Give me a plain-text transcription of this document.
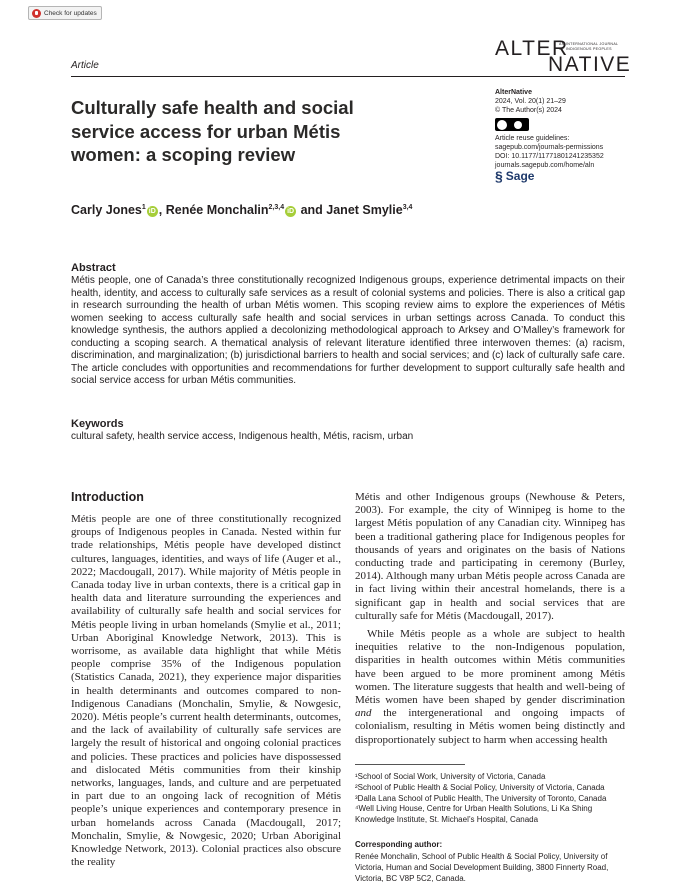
Check for updates
Article
ALTER
AN INTERNATIONAL JOURNAL OF INDIGENOUS PEOPLES
NATIVE
Culturally safe health and social service access for urban Métis women: a scoping review
AlterNative
2024, Vol. 20(1) 21–29
© The Author(s) 2024
Article reuse guidelines:
sagepub.com/journals-permissions
DOI: 10.1177/11771801241235352
journals.sagepub.com/home/aln
§ Sage
Carly Jones$^1$iD , Renée Monchalin$^{2,3,4}$iD and Janet Smylie$^{3,4}$
Abstract
Métis people, one of Canada’s three constitutionally recognized Indigenous groups, experience detrimental impacts on their health, identity, and access to culturally safe services as a result of colonial systems and policies. There is also a critical gap in research surrounding the health of urban Métis women. This scoping review aims to explore the experiences of Métis women seeking to access culturally safe health and social services in urban settings across Canada. To conduct this knowledge synthesis, the authors applied a decolonizing methodological approach to Arksey and O’Malley’s framework for conducting a scoping search. A thematical analysis of relevant literature identified three interwoven themes: (a) racism, discrimination, and marginalization; (b) jurisdictional barriers to health and social services; and (c) lack of culturally safe care. The article concludes with opportunities and recommendations for further development to support culturally safe health and social service access for urban Métis communities.
Keywords
cultural safety, health service access, Indigenous health, Métis, racism, urban
Introduction

Métis people are one of three constitutionally recognized groups of Indigenous peoples in Canada. Nested within fur trade relationships, Métis people have developed distinct cultures, languages, identities, and ways of life (Auger et al., 2022; Macdougall, 2017). While majority of Métis people in Canada today live in urban contexts, there is a critical gap in health data and literature surrounding the experiences and availability of culturally safe health and social services for Métis people living in urban homelands (Smylie et al., 2011; Urban Aboriginal Knowledge Network, 2013). This is worrisome, as available data highlight that while Métis people comprise 35% of the Indigenous population (Statistics Canada, 2021), they experience major disparities in health determinants and outcomes compared to non-Indigenous Canadians (Monchalin, Smylie, & Nowgesic, 2020). Métis people’s current health determinants, outcomes, and the lack of availability of culturally safe services are largely the result of historical and ongoing colonial practices and policies. These practices and policies have dispossessed and dislocated Métis communities from their kinship networks, languages, lands, and culture and are perpetuated in part due to an ongoing lack of recognition of Métis people’s unique experiences and contemporary presence in urban homelands across Canada (Macdougall, 2017; Monchalin, Smylie, & Nowgesic, 2020; Urban Aboriginal Knowledge Network, 2013). Colonial practices also obscure the reality

Métis and other Indigenous groups (Newhouse & Peters, 2003). For example, the city of Winnipeg is home to the largest Métis population of any Canadian city. Winnipeg has been a traditional gathering place for Indigenous peoples for thousands of years and originates on the basis of Nations conducting trade and participating in ceremony (Burley, 2014). Although many urban Métis people across Canada are in fact living within their ancestral homelands, there is a significant gap in health and social services that are culturally safe for Métis (Macdougall, 2017).

While Métis people as a whole are subject to health inequities relative to the non-Indigenous population, disparities in health outcomes within Métis communities have been argued to be more prominent among Métis women. The literature suggests that health and well-being of Métis women have been shaped by gender discrimination and the intergenerational and ongoing impacts of colonialism, resulting in Métis women being distinctly and disproportionately subject to harm when accessing health

¹School of Social Work, University of Victoria, Canada
²School of Public Health & Social Policy, University of Victoria, Canada
³Dalla Lana School of Public Health, The University of Toronto, Canada
⁴Well Living House, Centre for Urban Health Solutions, Li Ka Shing Knowledge Institute, St. Michael’s Hospital, Canada
Corresponding author:
Renée Monchalin, School of Public Health & Social Policy, University of Victoria, Human and Social Development Building, 3800 Finnerty Road, Victoria, BC V8P 5C2, Canada.
